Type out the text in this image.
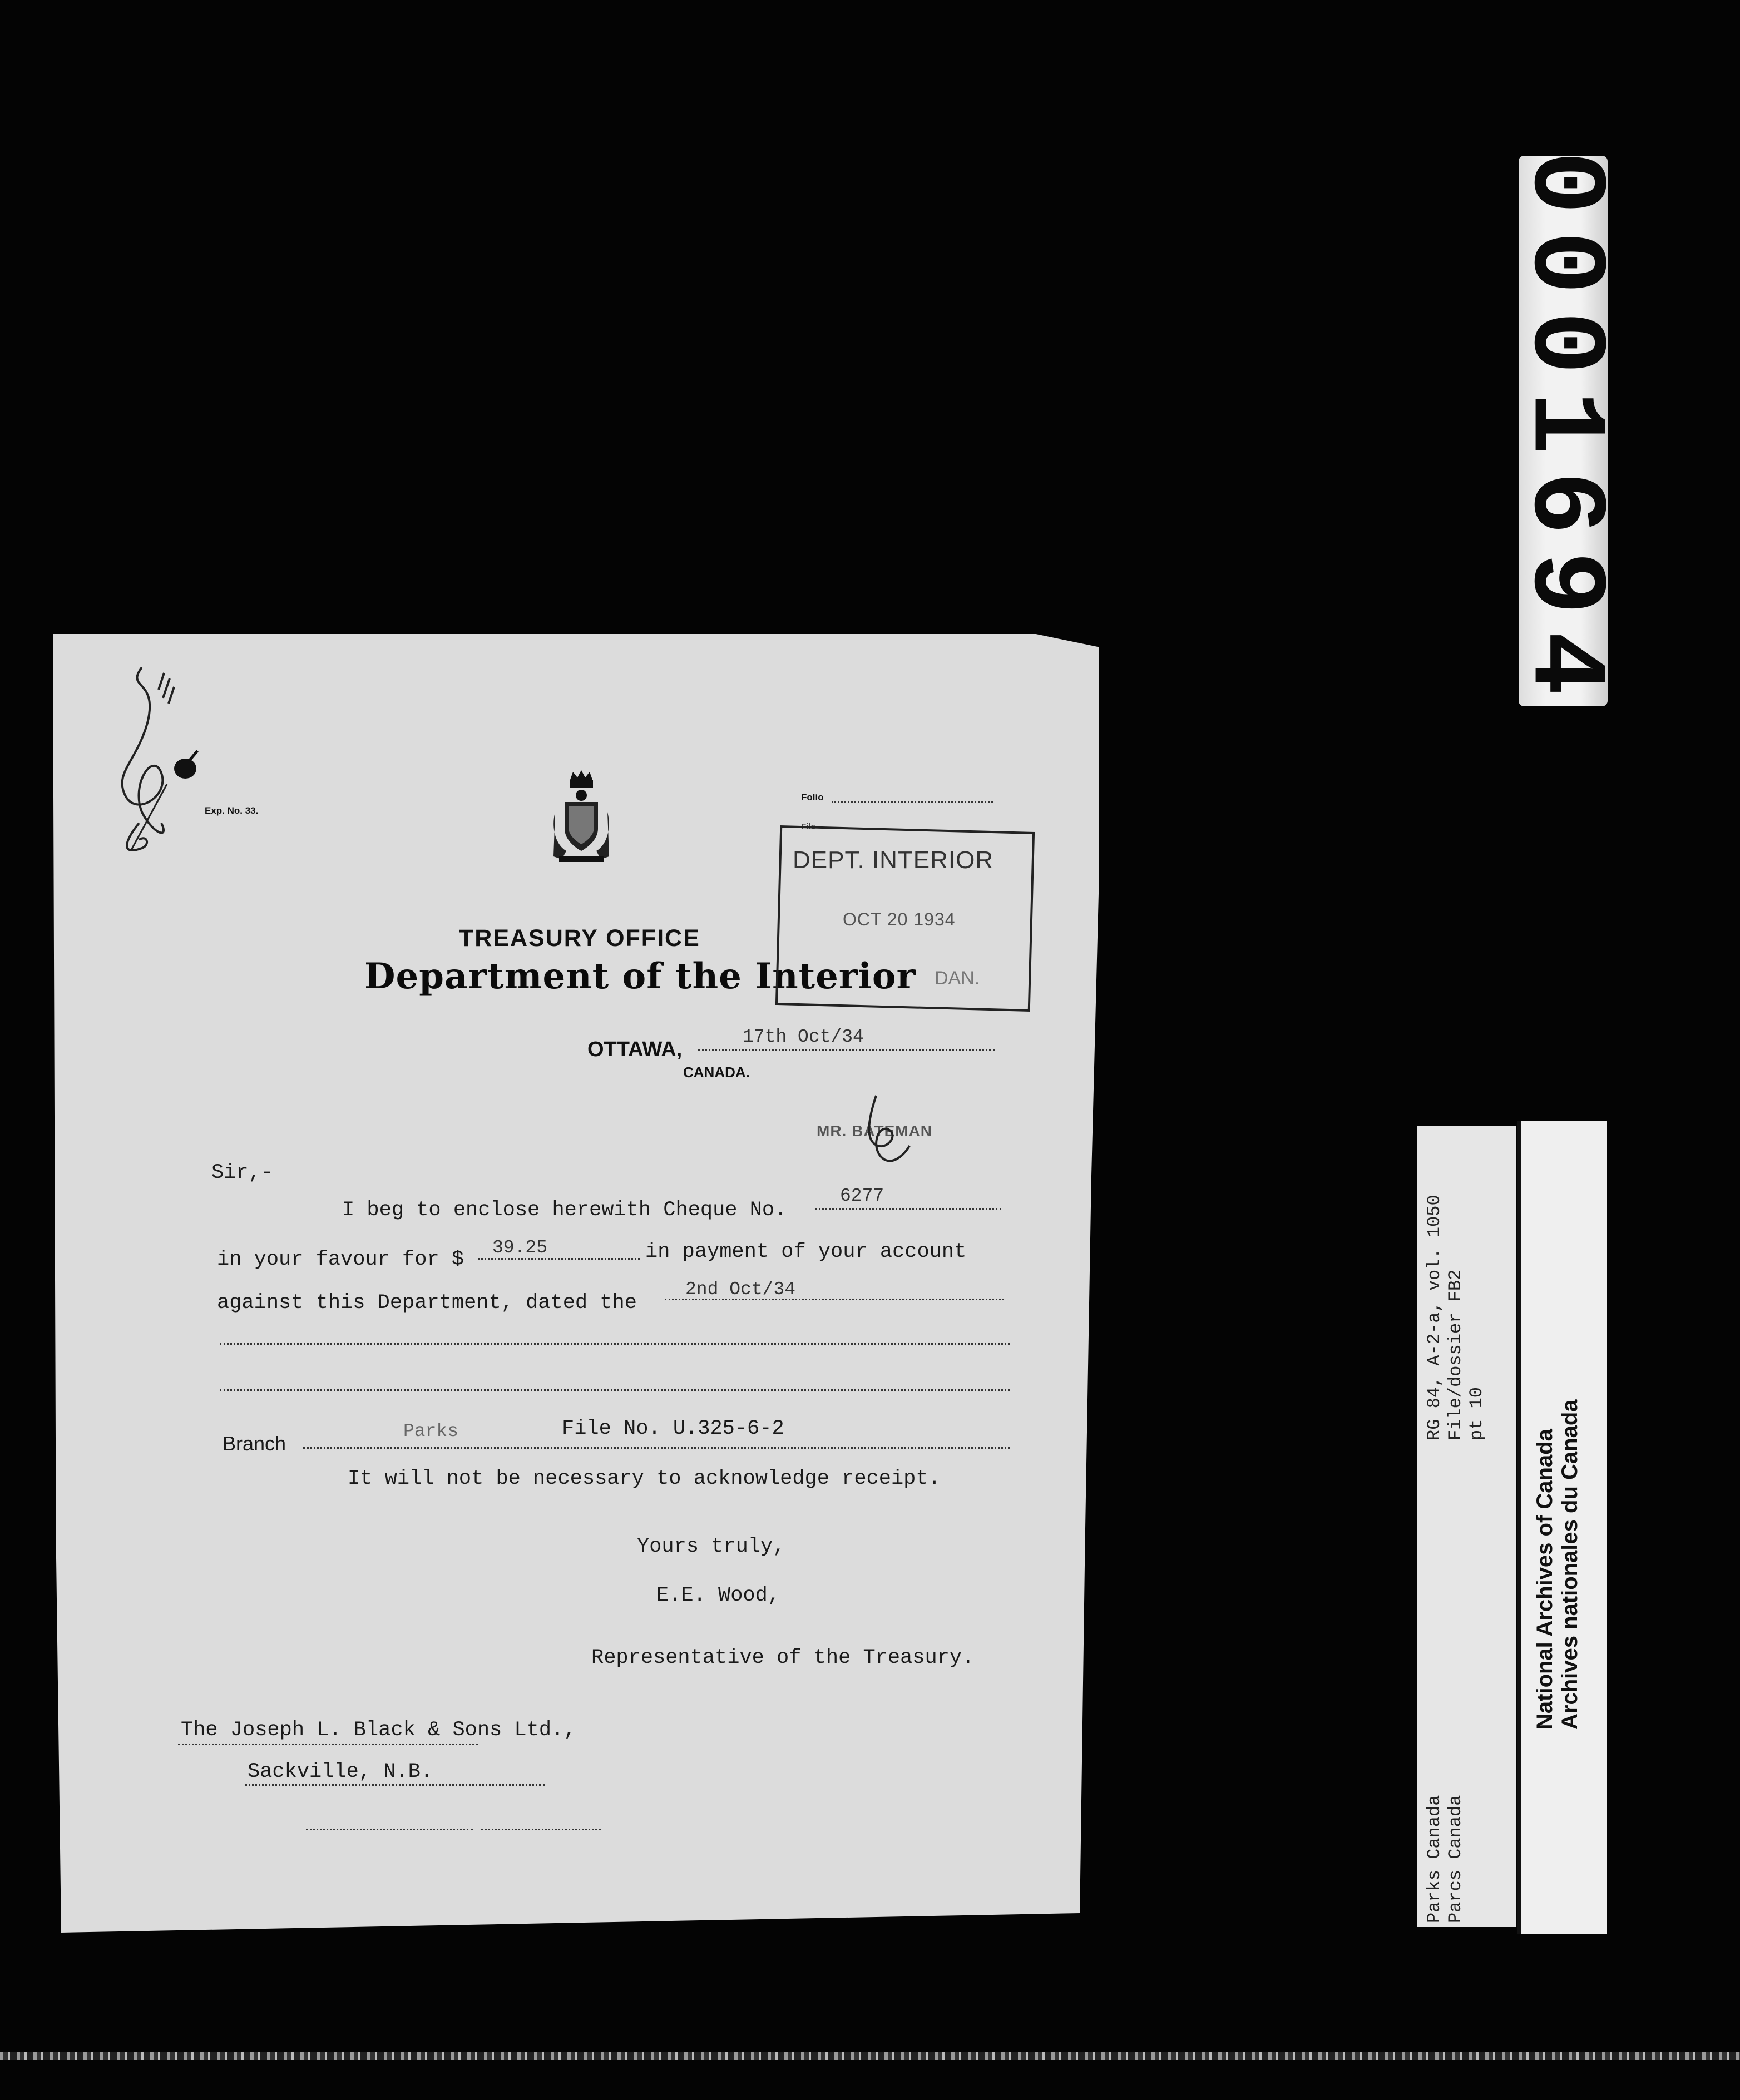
0001694
Exp. No. 33.
Folio
File
TREASURY OFFICE
Department of the Interior
DEPT. INTERIOR
OCT 20 1934
DAN.
OTTAWA,
17th Oct/34
CANADA.
MR. BATEMAN
Sir,-
I beg to enclose herewith Cheque No.
6277
in your favour for $
39.25	in payment of your account
against this Department, dated the
2nd Oct/34
Branch
Parks	File No. U.325-6-2
It will not be necessary to acknowledge receipt.
Yours truly,
E.E. Wood,
Representative of the Treasury.
The Joseph L. Black & Sons Ltd.,
Sackville, N.B.
RG 84, A-2-a, vol. 1050 File/dossier FB2 pt 10
Parks Canada Parcs Canada
National Archives of Canada Archives nationales du Canada
